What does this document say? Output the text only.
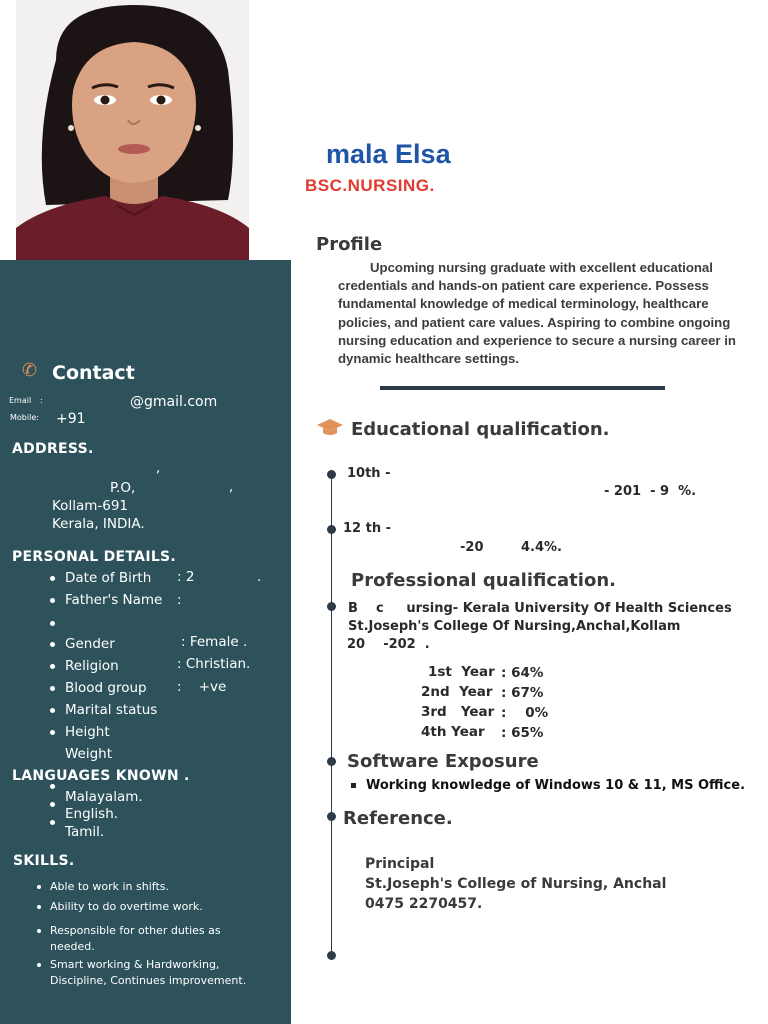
✆ Contact
Email :	@gmail.com
Mobile: +91
ADDRESS.
,
P.O,	,
Kollam-691
Kerala, INDIA.
PERSONAL DETAILS.
Date of Birth : 2	.
Father's Name :
Gender	: Female .
Religion	: Christian.
Blood group :    +ve
Marital status
Height
Weight
LANGUAGES KNOWN .
Malayalam.
English.
Tamil.
SKILLS.
Able to work in shifts.
Ability to do overtime work.
Responsible for other duties as needed.
Smart working & Hardworking, Discipline, Continues improvement.
mala Elsa
BSC.NURSING.
Profile
Upcoming nursing graduate with excellent educational credentials and hands-on patient care experience. Possess fundamental knowledge of medical terminology, healthcare policies, and patient care values. Aspiring to combine ongoing nursing education and experience to secure a nursing career in dynamic healthcare settings.
Educational qualification.
10th -
- 201  - 9  %.
12 th -
-20	4.4%.
Professional qualification.
B    c     ursing- Kerala University Of Health Sciences
St.Joseph's College Of Nursing,Anchal,Kollam
20    -202  .
1st  Year : 64%
2nd  Year : 67%
3rd   Year :    0%
4th Year : 65%
Software Exposure
Working knowledge of Windows 10 & 11, MS Office.
Reference.
Principal
St.Joseph's College of Nursing, Anchal
0475 2270457.
